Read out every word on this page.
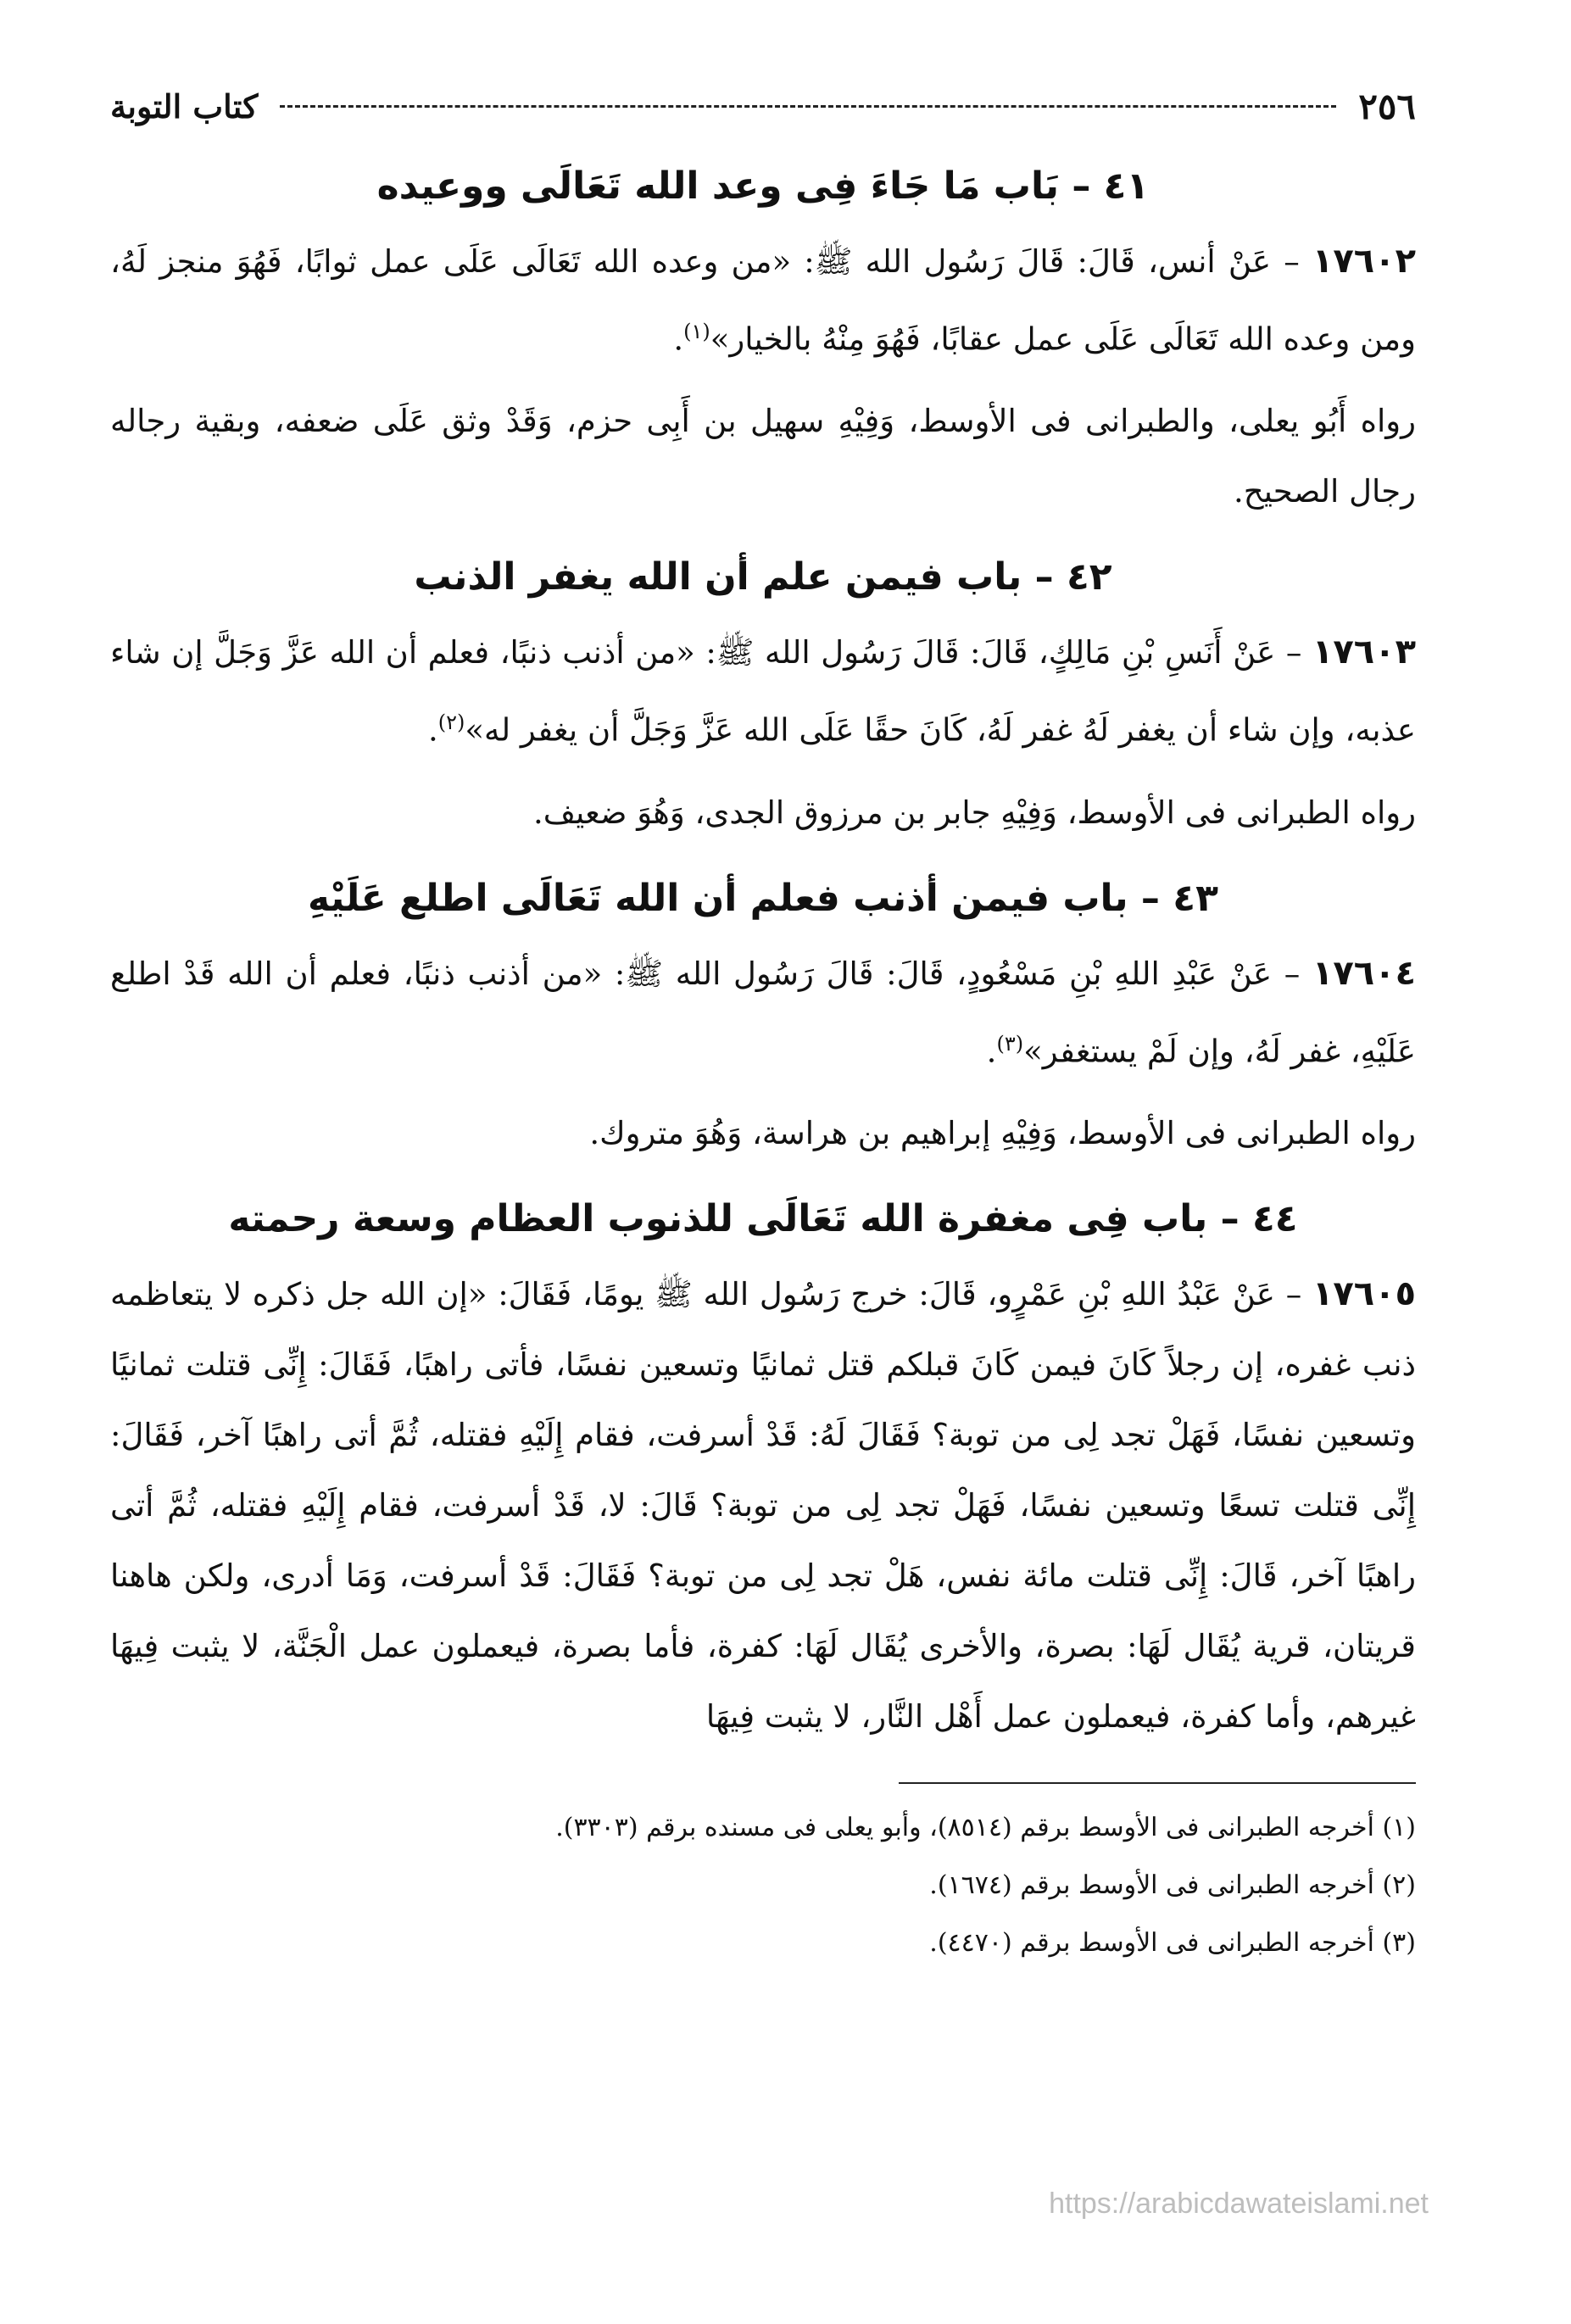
٢٥٦
كتاب التوبة
٤١ – بَاب مَا جَاءَ فِى وعد الله تَعَالَى ووعيده

١٧٦٠٢ – عَنْ أنس، قَالَ: قَالَ رَسُول الله ﷺ: «من وعده الله تَعَالَى عَلَى عمل ثوابًا، فَهُوَ منجز لَهُ، ومن وعده الله تَعَالَى عَلَى عمل عقابًا، فَهُوَ مِنْهُ بالخيار»$^{(١)}$.

رواه أَبُو يعلى، والطبرانى فى الأوسط، وَفِيْهِ سهيل بن أَبِى حزم، وَقَدْ وثق عَلَى ضعفه، وبقية رجاله رجال الصحيح.

٤٢ – باب فيمن علم أن الله يغفر الذنب

١٧٦٠٣ – عَنْ أَنَسِ بْنِ مَالِكٍ، قَالَ: قَالَ رَسُول الله ﷺ: «من أذنب ذنبًا، فعلم أن الله عَزَّ وَجَلَّ إن شاء عذبه، وإن شاء أن يغفر لَهُ غفر لَهُ، كَانَ حقًا عَلَى الله عَزَّ وَجَلَّ أن يغفر له»$^{(٢)}$.

رواه الطبرانى فى الأوسط، وَفِيْهِ جابر بن مرزوق الجدى، وَهُوَ ضعيف.

٤٣ – باب فيمن أذنب فعلم أن الله تَعَالَى اطلع عَلَيْهِ

١٧٦٠٤ – عَنْ عَبْدِ اللهِ بْنِ مَسْعُودٍ، قَالَ: قَالَ رَسُول الله ﷺ: «من أذنب ذنبًا، فعلم أن الله قَدْ اطلع عَلَيْهِ، غفر لَهُ، وإن لَمْ يستغفر»$^{(٣)}$.

رواه الطبرانى فى الأوسط، وَفِيْهِ إبراهيم بن هراسة، وَهُوَ متروك.

٤٤ – باب فِى مغفرة الله تَعَالَى للذنوب العظام وسعة رحمته

١٧٦٠٥ – عَنْ عَبْدُ اللهِ بْنِ عَمْرٍو، قَالَ: خرج رَسُول الله ﷺ يومًا، فَقَالَ: «إن الله جل ذكره لا يتعاظمه ذنب غفره، إن رجلاً كَانَ فيمن كَانَ قبلكم قتل ثمانيًا وتسعين نفسًا، فأتى راهبًا، فَقَالَ: إِنِّى قتلت ثمانيًا وتسعين نفسًا، فَهَلْ تجد لِى من توبة؟ فَقَالَ لَهُ: قَدْ أسرفت، فقام إِلَيْهِ فقتله، ثُمَّ أتى راهبًا آخر، فَقَالَ: إِنِّى قتلت تسعًا وتسعين نفسًا، فَهَلْ تجد لِى من توبة؟ قَالَ: لا، قَدْ أسرفت، فقام إِلَيْهِ فقتله، ثُمَّ أتى راهبًا آخر، قَالَ: إِنِّى قتلت مائة نفس، هَلْ تجد لِى من توبة؟ فَقَالَ: قَدْ أسرفت، وَمَا أدرى، ولكن هاهنا قريتان، قرية يُقَال لَهَا: بصرة، والأخرى يُقَال لَهَا: كفرة، فأما بصرة، فيعملون عمل الْجَنَّة، لا يثبت فِيهَا غيرهم، وأما كفرة، فيعملون عمل أَهْل النَّار، لا يثبت فِيهَا

(١) أخرجه الطبرانى فى الأوسط برقم (٨٥١٤)، وأبو يعلى فى مسنده برقم (٣٣٠٣).

(٢) أخرجه الطبرانى فى الأوسط برقم (١٦٧٤).

(٣) أخرجه الطبرانى فى الأوسط برقم (٤٤٧٠).

https://arabicdawateislami.net
